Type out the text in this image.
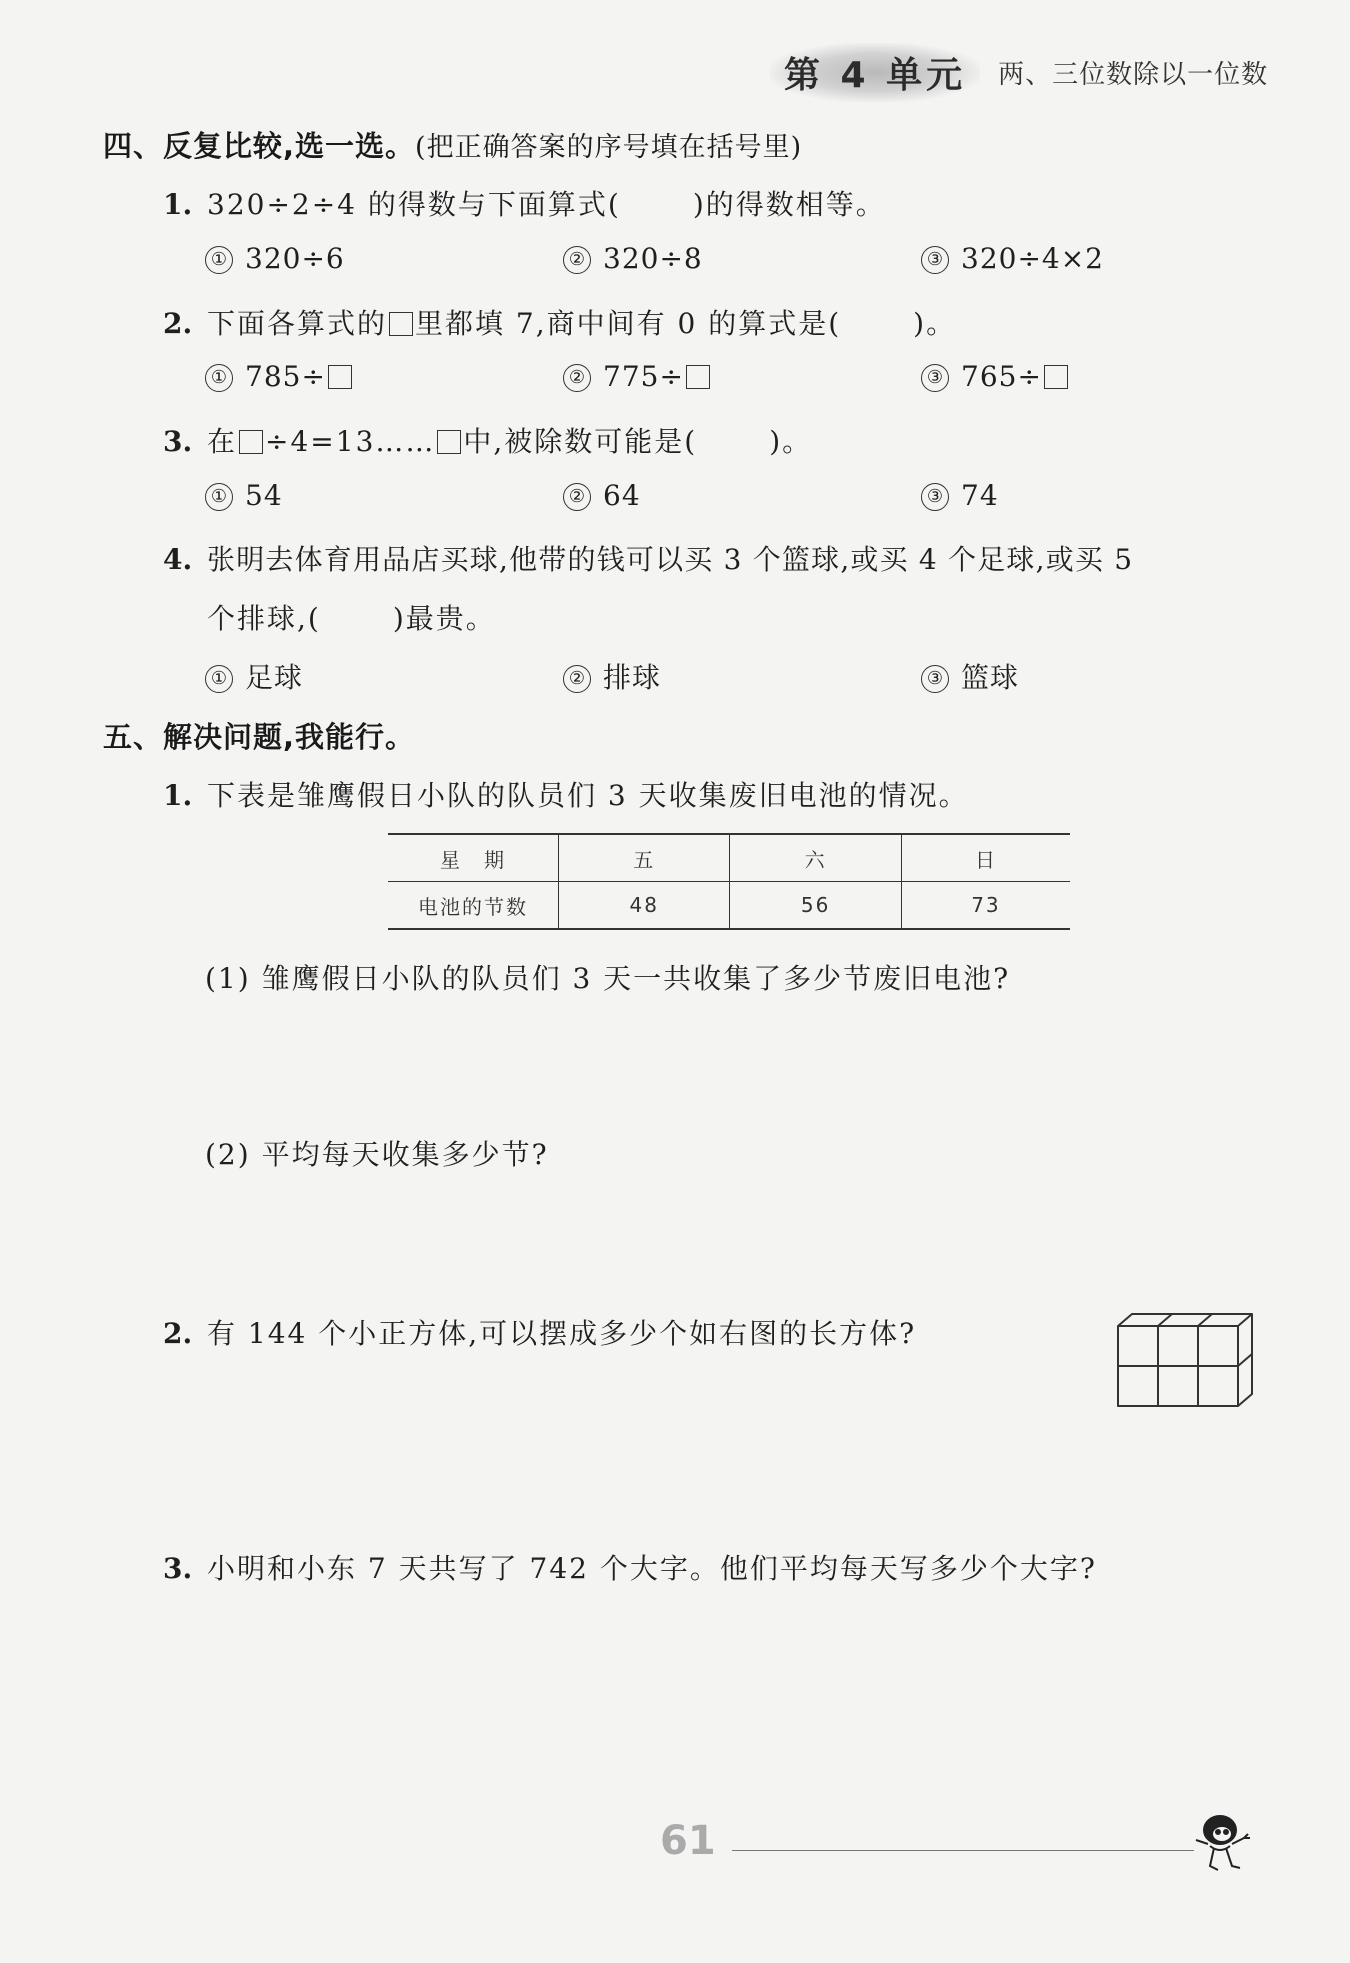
第 4 单元	两、三位数除以一位数
四、反复比较,选一选。(把正确答案的序号填在括号里)
1. 320÷2÷4 的得数与下面算式(	)的得数相等。
① 320÷6	② 320÷8	③ 320÷4×2
2. 下面各算式的 里都填 7,商中间有 0 的算式是(	)。
① 785÷	② 775÷	③ 765÷
3. 在 ÷4=13…… 中,被除数可能是(	)。
① 54	② 64	③ 74
4. 张明去体育用品店买球,他带的钱可以买 3 个篮球,或买 4 个足球,或买 5
个排球,(	)最贵。
① 足球	② 排球	③ 篮球
五、解决问题,我能行。
1. 下表是雏鹰假日小队的队员们 3 天收集废旧电池的情况。
星　期	五	六	日
电池的节数	48	56	73
(1) 雏鹰假日小队的队员们 3 天一共收集了多少节废旧电池?
(2) 平均每天收集多少节?
2. 有 144 个小正方体,可以摆成多少个如右图的长方体?
3. 小明和小东 7 天共写了 742 个大字。他们平均每天写多少个大字?
61
